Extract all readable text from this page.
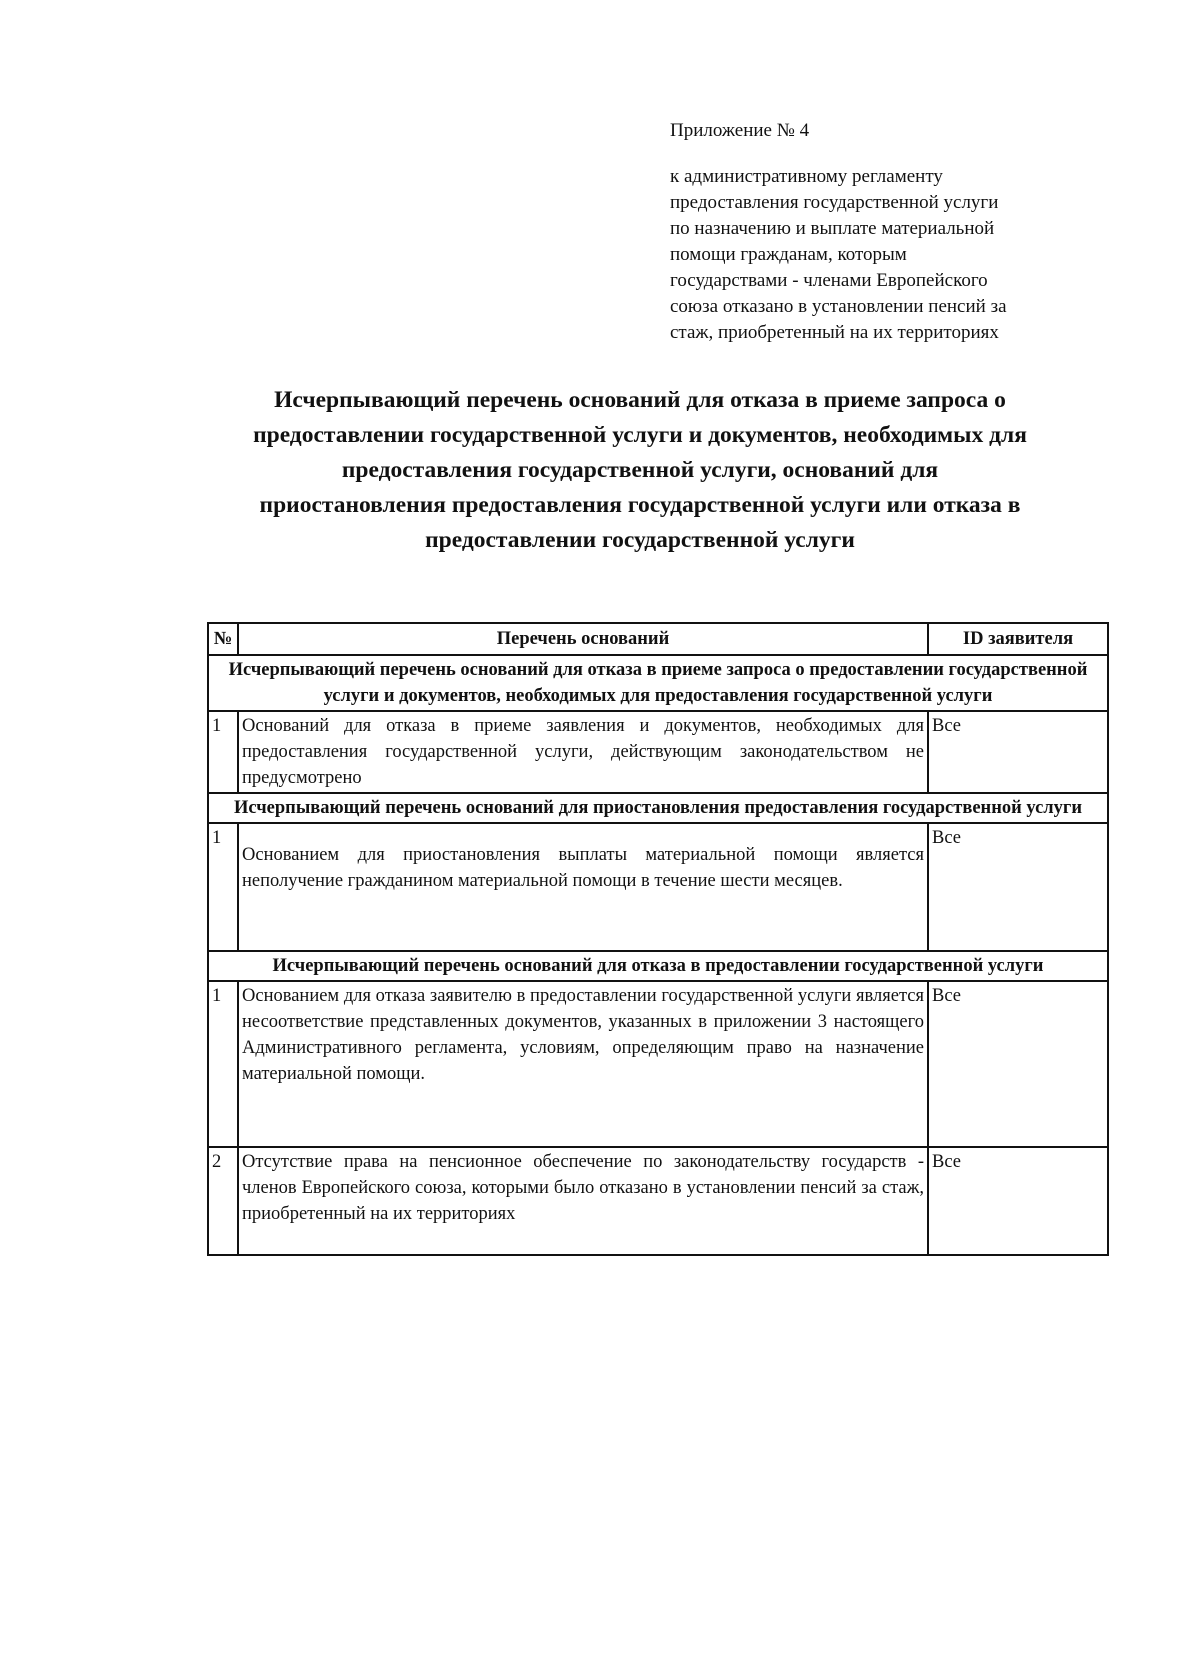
Приложение № 4
к административному регламенту
предоставления государственной услуги
по назначению и выплате материальной
помощи гражданам, которым
государствами - членами Европейского
союза отказано в установлении пенсий за
стаж, приобретенный на их территориях
Исчерпывающий перечень оснований для отказа в приеме запроса о
предоставлении государственной услуги и документов, необходимых для
предоставления государственной услуги, оснований для
приостановления предоставления государственной услуги или отказа в
предоставлении государственной услуги
№	Перечень оснований	ID заявителя
Исчерпывающий перечень оснований для отказа в приеме запроса о предоставлении государственной услуги и документов, необходимых для предоставления государственной услуги		
1	Оснований для отказа в приеме заявления и документов, необходимых для предоставления государственной услуги, действующим законодательством не предусмотрено	Все
Исчерпывающий перечень оснований для приостановления предоставления государственной услуги		
1	Основанием для приостановления выплаты материальной помощи является неполучение гражданином материальной помощи в течение шести месяцев.	Все
Исчерпывающий перечень оснований для отказа в предоставлении государственной услуги		
1	Основанием для отказа заявителю в предоставлении государственной услуги является несоответствие представленных документов, указанных в приложении 3 настоящего Административного регламента, условиям, определяющим право на назначение материальной помощи.	Все
2	Отсутствие права на пенсионное обеспечение по законодательству государств - членов Европейского союза, которыми было отказано в установлении пенсий за стаж, приобретенный на их территориях	Все
